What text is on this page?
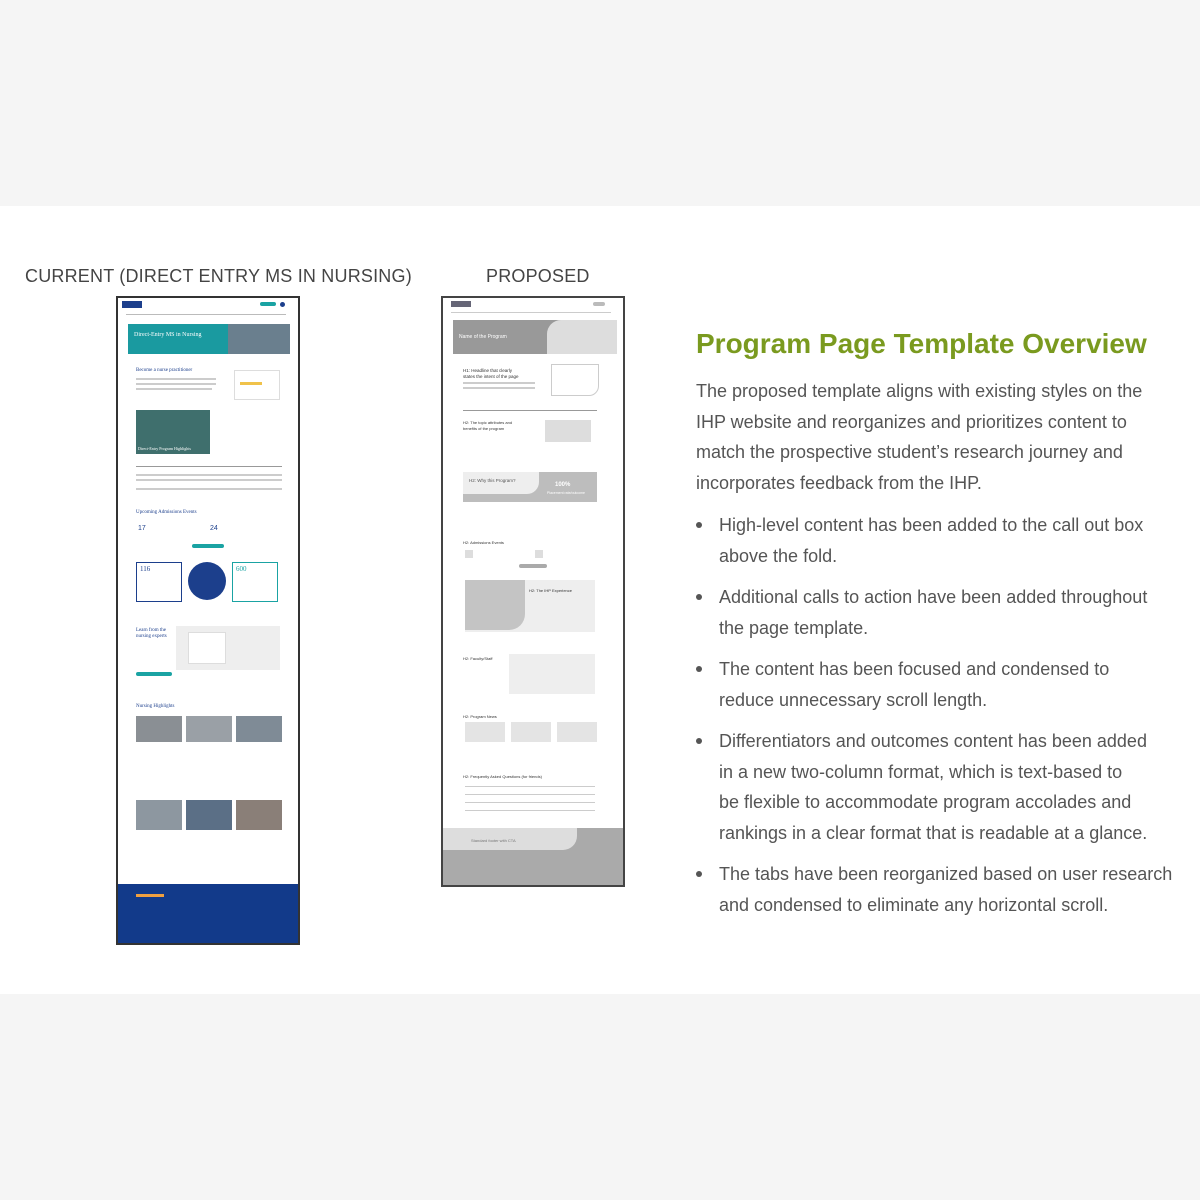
CURRENT (DIRECT ENTRY MS IN NURSING)	PROPOSED
Direct-Entry MS in Nursing
Become a nurse practitioner
Direct-Entry Program Highlights
Upcoming Admissions Events
17	24
116	600
Learn from the nursing experts
Nursing Highlights
Name of the Program
H1: Headline that clearly states the intent of the page
H2: The topic attributes and benefits of the program
H2: Why this Program?
100%
Placement rate/outcome
H2: Admissions Events
H2: The IHP Experience
H2: Faculty/Staff
H2: Program News
H2: Frequently Asked Questions (for friends)
Standard footer with CTA
Program Page Template Overview
The proposed template aligns with existing styles on the
IHP website and reorganizes and prioritizes content to
match the prospective student’s research journey and
incorporates feedback from the IHP.
High-level content has been added to the call out box
above the fold.
Additional calls to action have been added throughout
the page template.
The content has been focused and condensed to
reduce unnecessary scroll length.
Differentiators and outcomes content has been added
in a new two-column format, which is text-based to
be flexible to accommodate program accolades and
rankings in a clear format that is readable at a glance.
The tabs have been reorganized based on user research
and condensed to eliminate any horizontal scroll.
